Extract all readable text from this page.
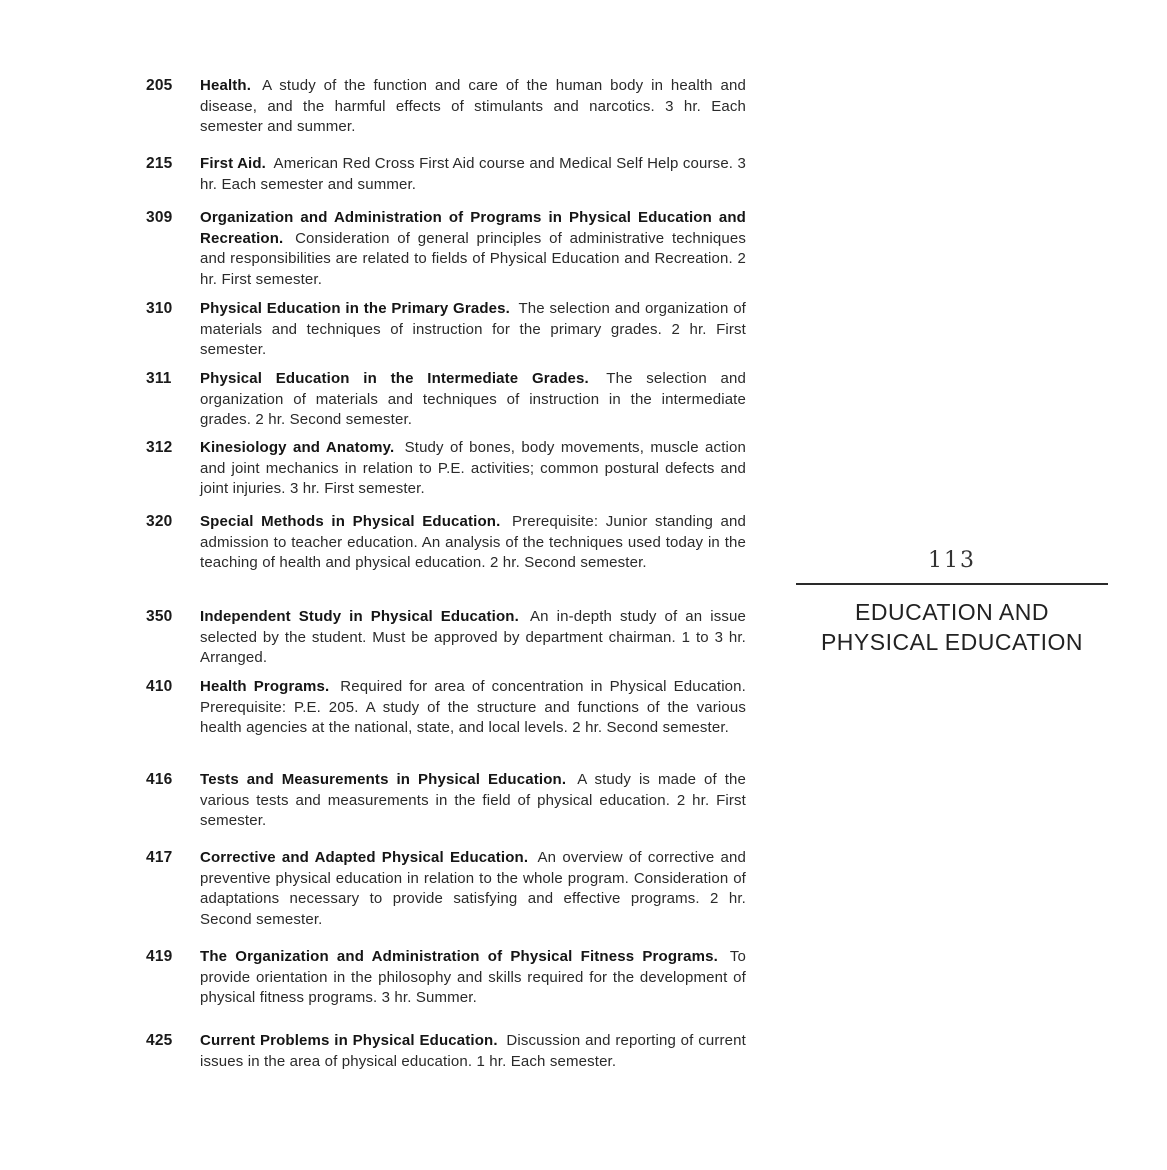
205	Health. A study of the function and care of the human body in health and disease, and the harmful effects of stimulants and narcotics. 3 hr. Each semester and summer.
215	First Aid. American Red Cross First Aid course and Medical Self Help course. 3 hr. Each semester and summer.
309	Organization and Administration of Programs in Physical Education and Recreation. Consideration of general principles of administrative techniques and responsibilities are related to fields of Physical Education and Recreation. 2 hr. First semester.
310	Physical Education in the Primary Grades. The selection and organization of materials and techniques of instruction for the primary grades. 2 hr. First semester.
311	Physical Education in the Intermediate Grades. The selection and organization of materials and techniques of instruction in the intermediate grades. 2 hr. Second semester.
312	Kinesiology and Anatomy. Study of bones, body movements, muscle action and joint mechanics in relation to P.E. activities; common postural defects and joint injuries. 3 hr. First semester.
320	Special Methods in Physical Education. Prerequisite: Junior standing and admission to teacher education. An analysis of the techniques used today in the teaching of health and physical education. 2 hr. Second semester.
350	Independent Study in Physical Education. An in-depth study of an issue selected by the student. Must be approved by department chairman. 1 to 3 hr. Arranged.
410	Health Programs. Required for area of concentration in Physical Education. Prerequisite: P.E. 205. A study of the structure and functions of the various health agencies at the national, state, and local levels. 2 hr. Second semester.
416	Tests and Measurements in Physical Education. A study is made of the various tests and measurements in the field of physical education. 2 hr. First semester.
417	Corrective and Adapted Physical Education. An overview of corrective and preventive physical education in relation to the whole program. Consideration of adaptations necessary to provide satisfying and effective programs. 2 hr. Second semester.
419	The Organization and Administration of Physical Fitness Programs. To provide orientation in the philosophy and skills required for the development of physical fitness programs. 3 hr. Summer.
425	Current Problems in Physical Education. Discussion and reporting of current issues in the area of physical education. 1 hr. Each semester.
113
EDUCATION AND
PHYSICAL EDUCATION
